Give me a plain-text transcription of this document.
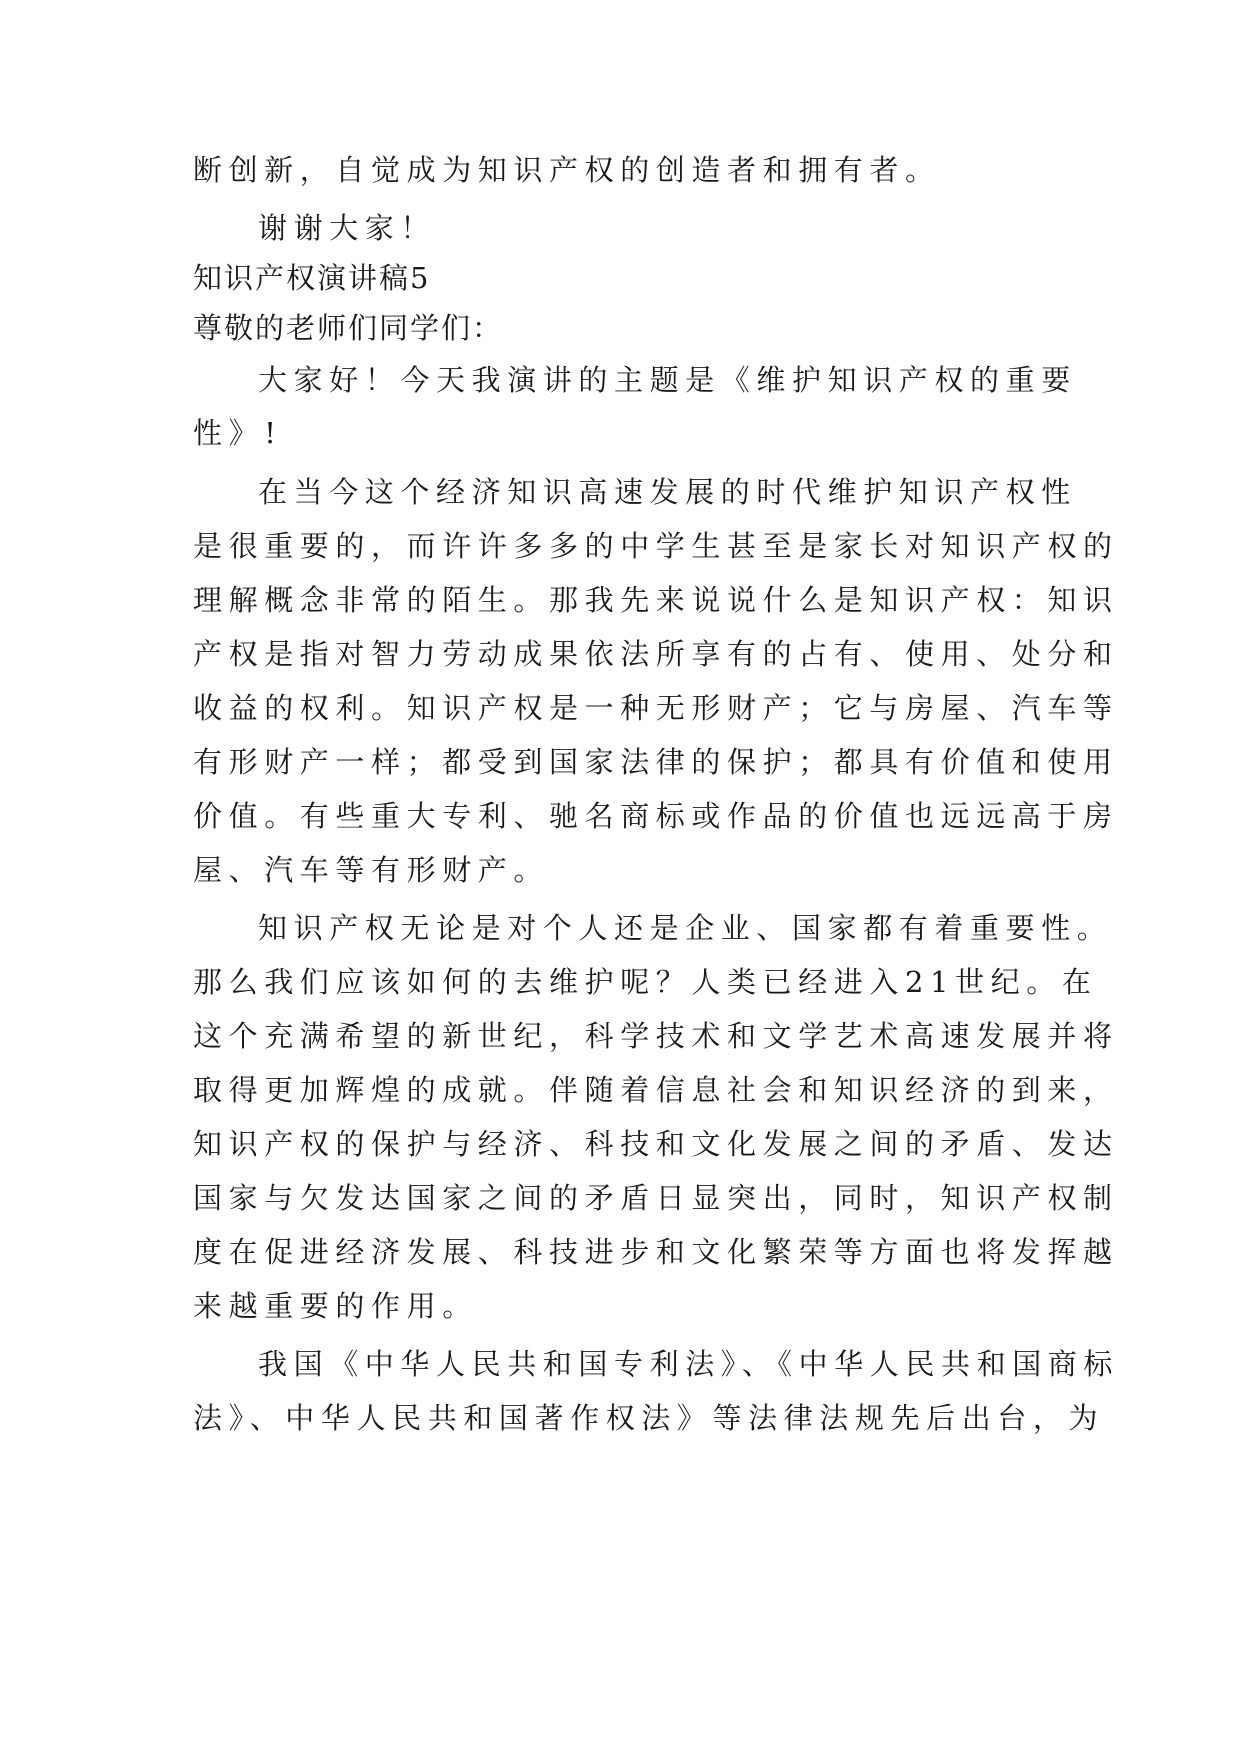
断创新，自觉成为知识产权的创造者和拥有者。

谢谢大家！

知识产权演讲稿5

尊敬的老师们同学们：

大家好！今天我演讲的主题是《维护知识产权的重要

性》!

在当今这个经济知识高速发展的时代维护知识产权性

是很重要的，而许许多多的中学生甚至是家长对知识产权的

理解概念非常的陌生。那我先来说说什么是知识产权：知识

产权是指对智力劳动成果依法所享有的占有、使用、处分和

收益的权利。知识产权是一种无形财产；它与房屋、汽车等

有形财产一样；都受到国家法律的保护；都具有价值和使用

价值。有些重大专利、驰名商标或作品的价值也远远高于房

屋、汽车等有形财产。

知识产权无论是对个人还是企业、国家都有着重要性。

那么我们应该如何的去维护呢？人类已经进入21世纪。在

这个充满希望的新世纪，科学技术和文学艺术高速发展并将

取得更加辉煌的成就。伴随着信息社会和知识经济的到来，

知识产权的保护与经济、科技和文化发展之间的矛盾、发达

国家与欠发达国家之间的矛盾日显突出，同时，知识产权制

度在促进经济发展、科技进步和文化繁荣等方面也将发挥越

来越重要的作用。

我国《中华人民共和国专利法》、《中华人民共和国商标

法》、中华人民共和国著作权法》等法律法规先后出台，为
